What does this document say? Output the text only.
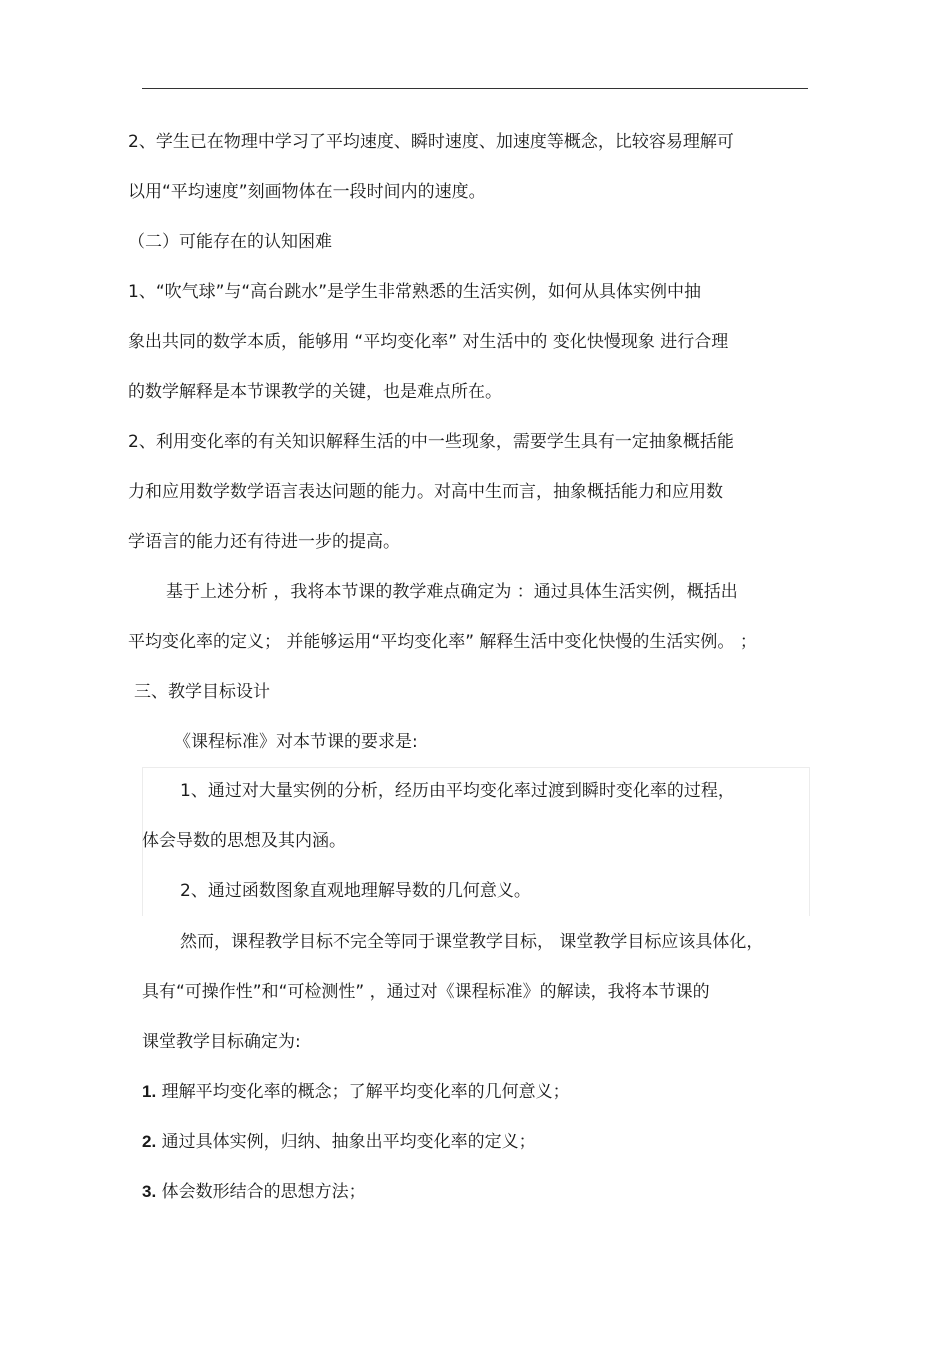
2、学生已在物理中学习了平均速度、瞬时速度、加速度等概念，比较容易理解可
以用“平均速度”刻画物体在一段时间内的速度。
（二）可能存在的认知困难
1、“吹气球”与“高台跳水”是学生非常熟悉的生活实例，如何从具体实例中抽
象出共同的数学本质，能够用 “平均变化率” 对生活中的 变化快慢现象 进行合理
的数学解释是本节课教学的关键，也是难点所在。
2、利用变化率的有关知识解释生活的中一些现象，需要学生具有一定抽象概括能
力和应用数学数学语言表达问题的能力。对高中生而言，抽象概括能力和应用数
学语言的能力还有待进一步的提高。
基于上述分析 ，我将本节课的教学难点确定为 ：通过具体生活实例，概括出
平均变化率的定义； 并能够运用“平均变化率” 解释生活中变化快慢的生活实例。 ；
三、教学目标设计
《课程标准》对本节课的要求是:
1、通过对大量实例的分析，经历由平均变化率过渡到瞬时变化率的过程，
体会导数的思想及其内涵。
2、通过函数图象直观地理解导数的几何意义。
然而，课程教学目标不完全等同于课堂教学目标， 课堂教学目标应该具体化，
具有“可操作性”和“可检测性” ，通过对《课程标准》的解读，我将本节课的
课堂教学目标确定为:
1. 理解平均变化率的概念；了解平均变化率的几何意义；
2. 通过具体实例，归纳、抽象出平均变化率的定义；
3. 体会数形结合的思想方法；
